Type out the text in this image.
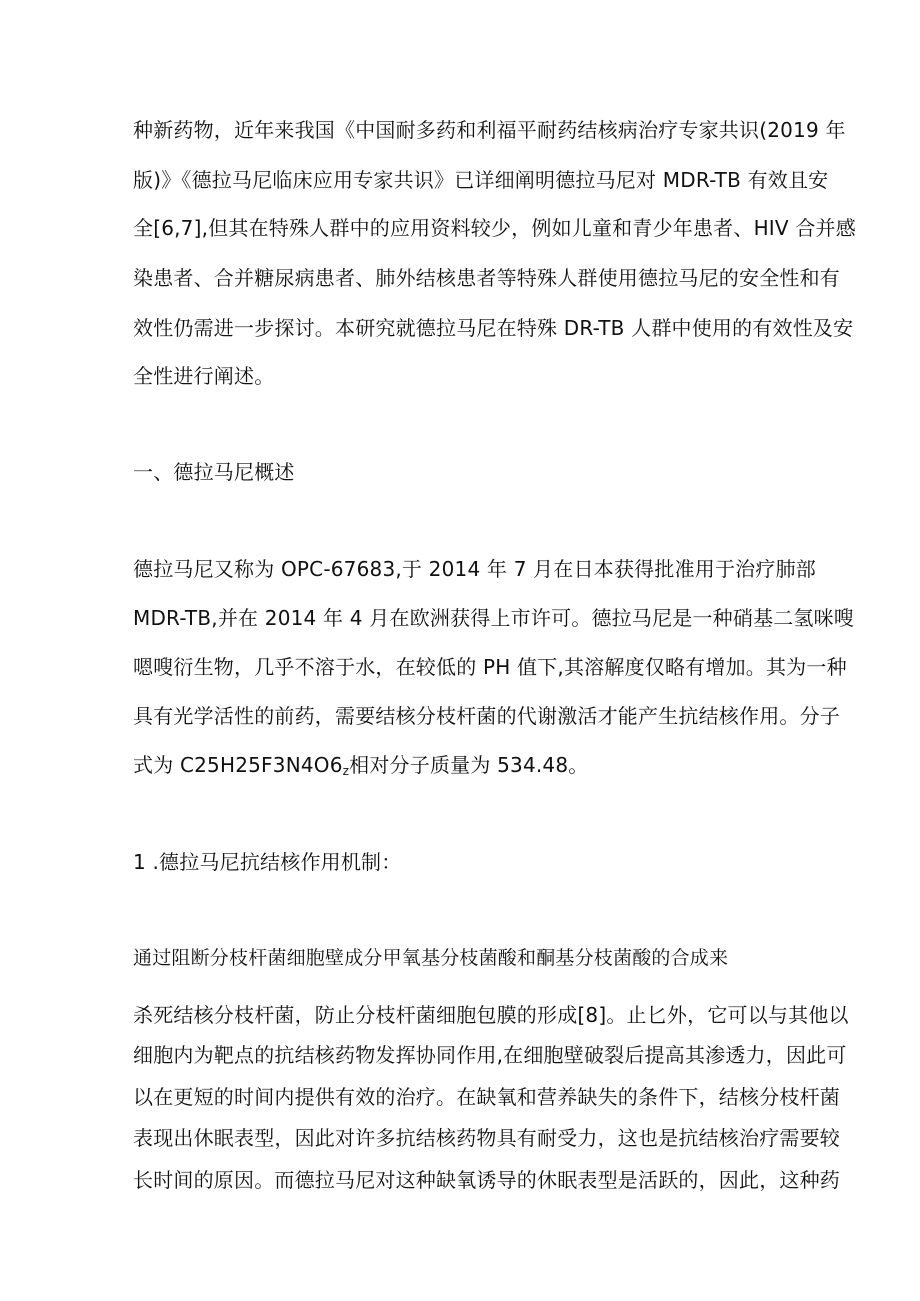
种新药物，近年来我国《中国耐多药和利福平耐药结核病治疗专家共识(2019 年
版)》《德拉马尼临床应用专家共识》已详细阐明德拉马尼对 MDR-TB 有效且安
全[6,7],但其在特殊人群中的应用资料较少，例如儿童和青少年患者、HIV 合并感
染患者、合并糖尿病患者、肺外结核患者等特殊人群使用德拉马尼的安全性和有
效性仍需进一步探讨。本研究就德拉马尼在特殊 DR-TB 人群中使用的有效性及安
全性进行阐述。
一、德拉马尼概述
德拉马尼又称为 OPC-67683,于 2014 年 7 月在日本获得批准用于治疗肺部
MDR-TB,并在 2014 年 4 月在欧洲获得上市许可。德拉马尼是一种硝基二氢咪嗖
嗯嗖衍生物，几乎不溶于水，在较低的 PH 值下,其溶解度仅略有增加。其为一种
具有光学活性的前药，需要结核分枝杆菌的代谢激活才能产生抗结核作用。分子
式为 $C25H25F3N4O6_z$相对分子质量为 534.48。
1 .德拉马尼抗结核作用机制：
通过阻断分枝杆菌细胞壁成分甲氧基分枝菌酸和酮基分枝菌酸的合成来
杀死结核分枝杆菌，防止分枝杆菌细胞包膜的形成[8]。止匕外，它可以与其他以
细胞内为靶点的抗结核药物发挥协同作用,在细胞壁破裂后提高其渗透力，因此可
以在更短的时间内提供有效的治疗。在缺氧和营养缺失的条件下，结核分枝杆菌
表现出休眠表型，因此对许多抗结核药物具有耐受力，这也是抗结核治疗需要较
长时间的原因。而德拉马尼对这种缺氧诱导的休眠表型是活跃的，因此，这种药
